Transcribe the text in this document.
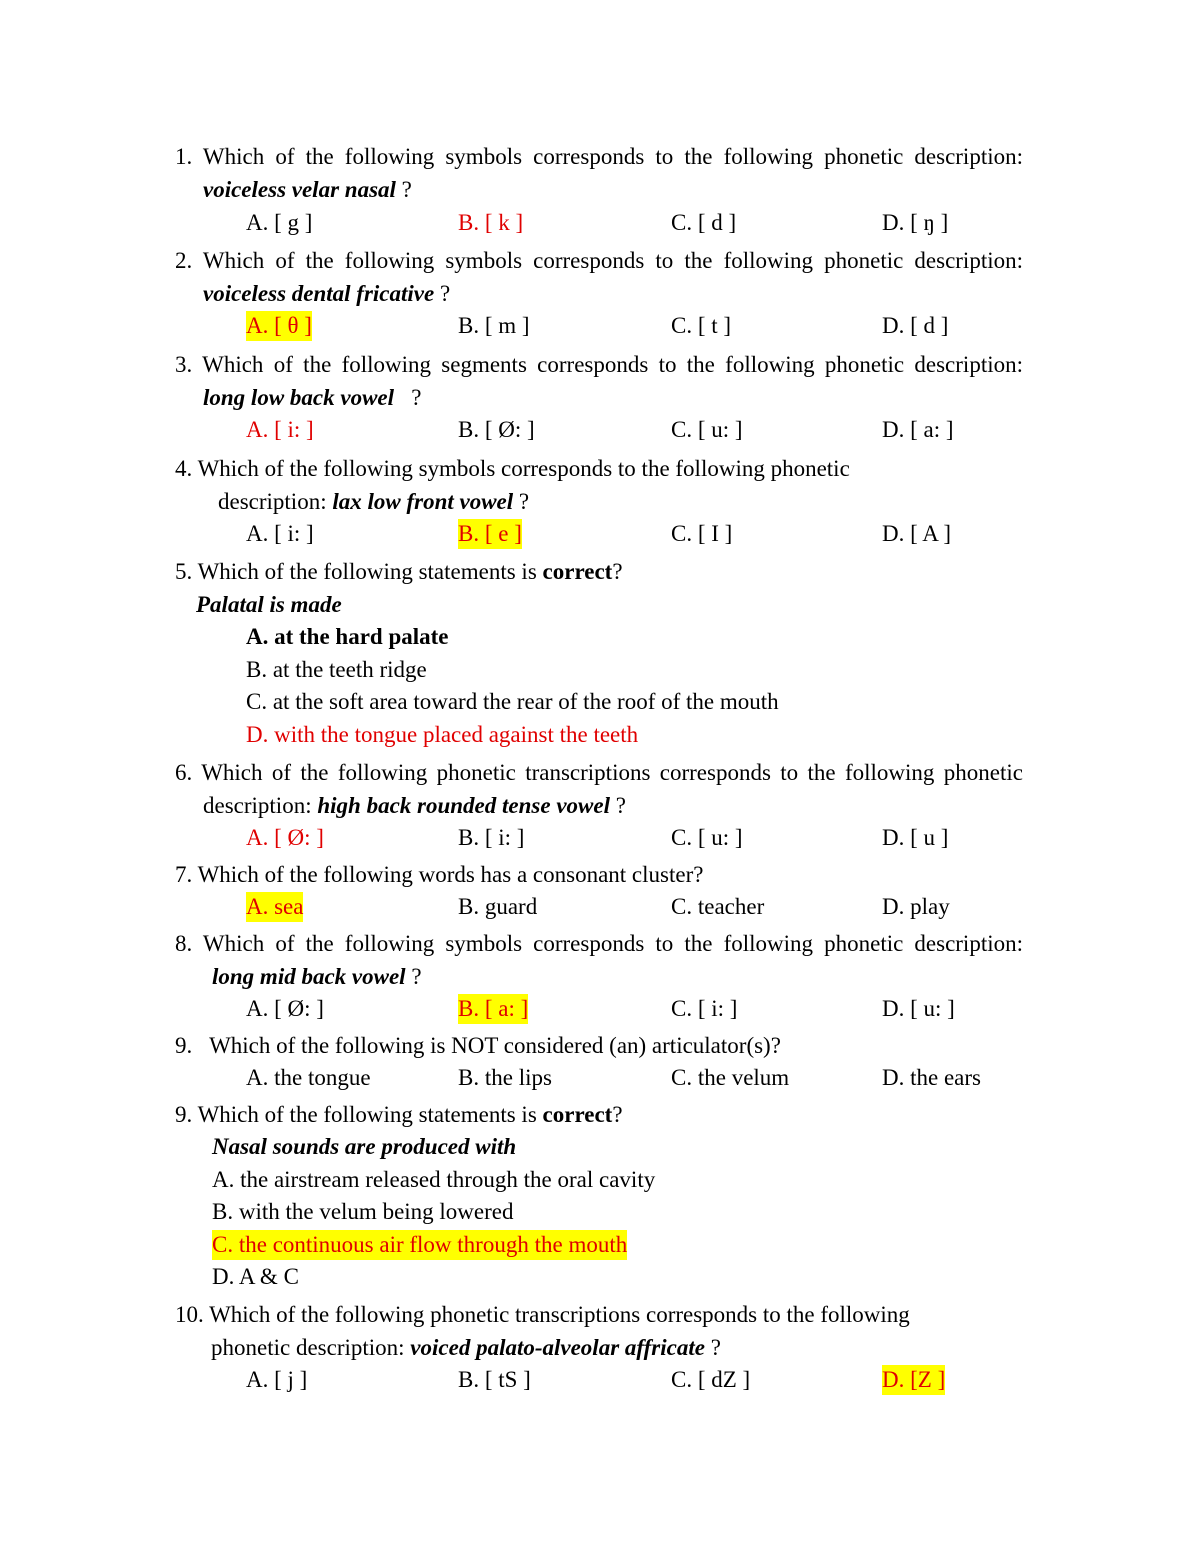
1. Which of the following symbols corresponds to the following phonetic description:
voiceless velar nasal ?
A. [ g ]	B. [ k ]	C. [ d ]	D. [ ŋ ]
2. Which of the following symbols corresponds to the following phonetic description:
voiceless dental fricative ?
A. [ θ ]	B. [ m ]	C. [ t ]	D. [ d ]
3. Which of the following segments corresponds to the following phonetic description:
long low back vowel   ?
A. [ i: ]	B. [ Ø: ]	C. [ u: ]	D. [ a: ]
4. Which of the following symbols corresponds to the following phonetic
description: lax low front vowel ?
A. [ i: ]	B. [ e ]	C. [ I ]	D. [ A ]
5. Which of the following statements is correct?
Palatal is made
A. at the hard palate
B. at the teeth ridge
C. at the soft area toward the rear of the roof of the mouth
D. with the tongue placed against the teeth
6. Which of the following phonetic transcriptions corresponds to the following phonetic
description: high back rounded tense vowel ?
A. [ Ø: ]	B. [ i: ]	C. [ u: ]	D. [ u ]
7. Which of the following words has a consonant cluster?
A. sea	B. guard	C. teacher	D. play
8. Which of the following symbols corresponds to the following phonetic description:
long mid back vowel ?
A. [ Ø: ]	B. [ a: ]	C. [ i: ]	D. [ u: ]
9.   Which of the following is NOT considered (an) articulator(s)?
A. the tongue	B. the lips	C. the velum	D. the ears
9. Which of the following statements is correct?
Nasal sounds are produced with
A. the airstream released through the oral cavity
B. with the velum being lowered
C. the continuous air flow through the mouth
D. A & C
10. Which of the following phonetic transcriptions corresponds to the following
phonetic description: voiced palato-alveolar affricate ?
A. [ j ]	B. [ tS ]	C. [ dZ ]	D. [Z ]
